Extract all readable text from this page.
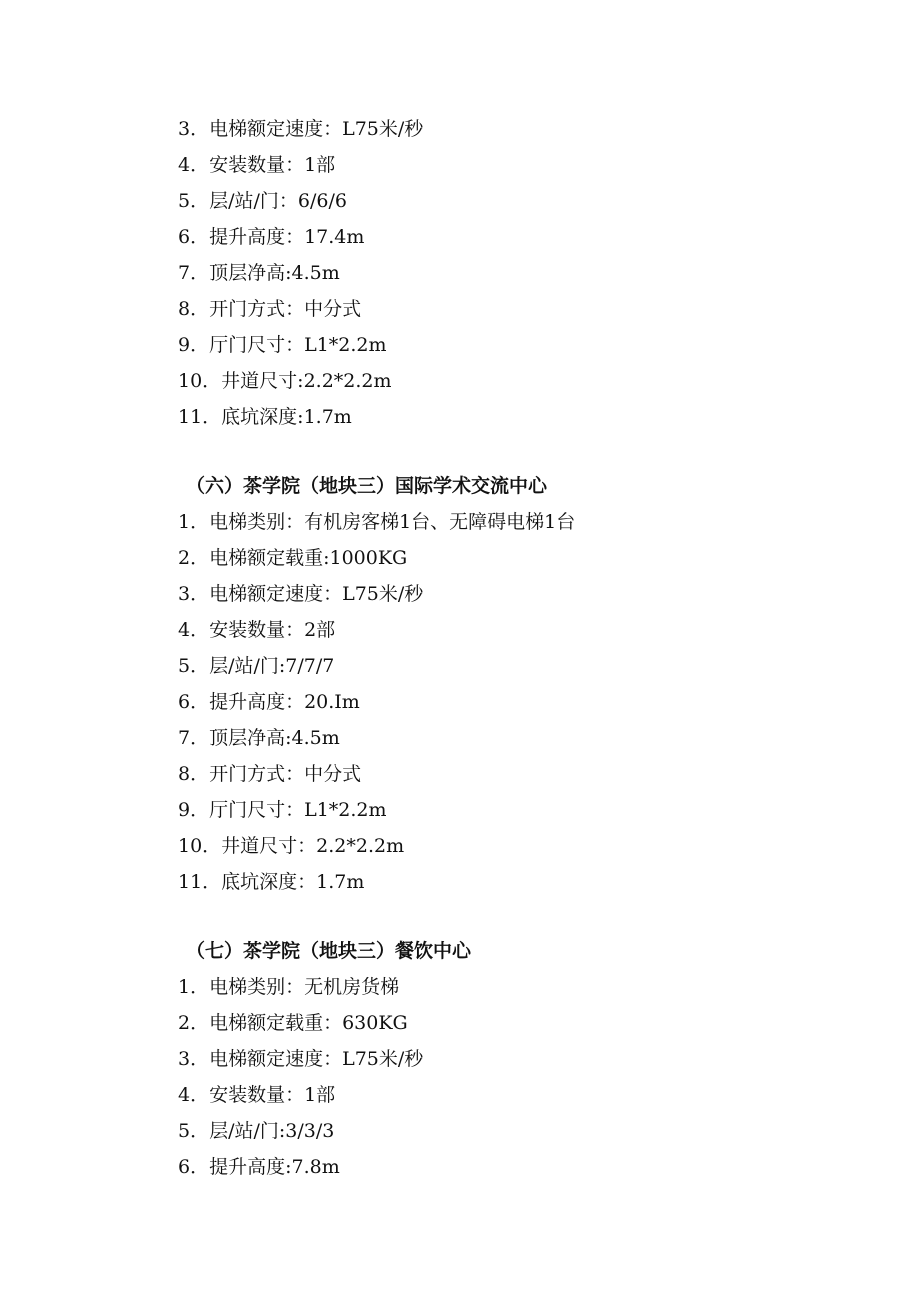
3．电梯额定速度：L75米/秒
4．安装数量：1部
5．层/站/门：6/6/6
6．提升高度：17.4m
7．顶层净高:4.5m
8．开门方式：中分式
9．厅门尺寸：L1*2.2m
10．井道尺寸:2.2*2.2m
11．底坑深度:1.7m
（六）茶学院（地块三）国际学术交流中心
1．电梯类别：有机房客梯1台、无障碍电梯1台
2．电梯额定载重:1000KG
3．电梯额定速度：L75米/秒
4．安装数量：2部
5．层/站/门:7/7/7
6．提升高度：20.Im
7．顶层净高:4.5m
8．开门方式：中分式
9．厅门尺寸：L1*2.2m
10．井道尺寸：2.2*2.2m
11．底坑深度：1.7m
（七）茶学院（地块三）餐饮中心
1．电梯类别：无机房货梯
2．电梯额定载重：630KG
3．电梯额定速度：L75米/秒
4．安装数量：1部
5．层/站/门:3/3/3
6．提升高度:7.8m
